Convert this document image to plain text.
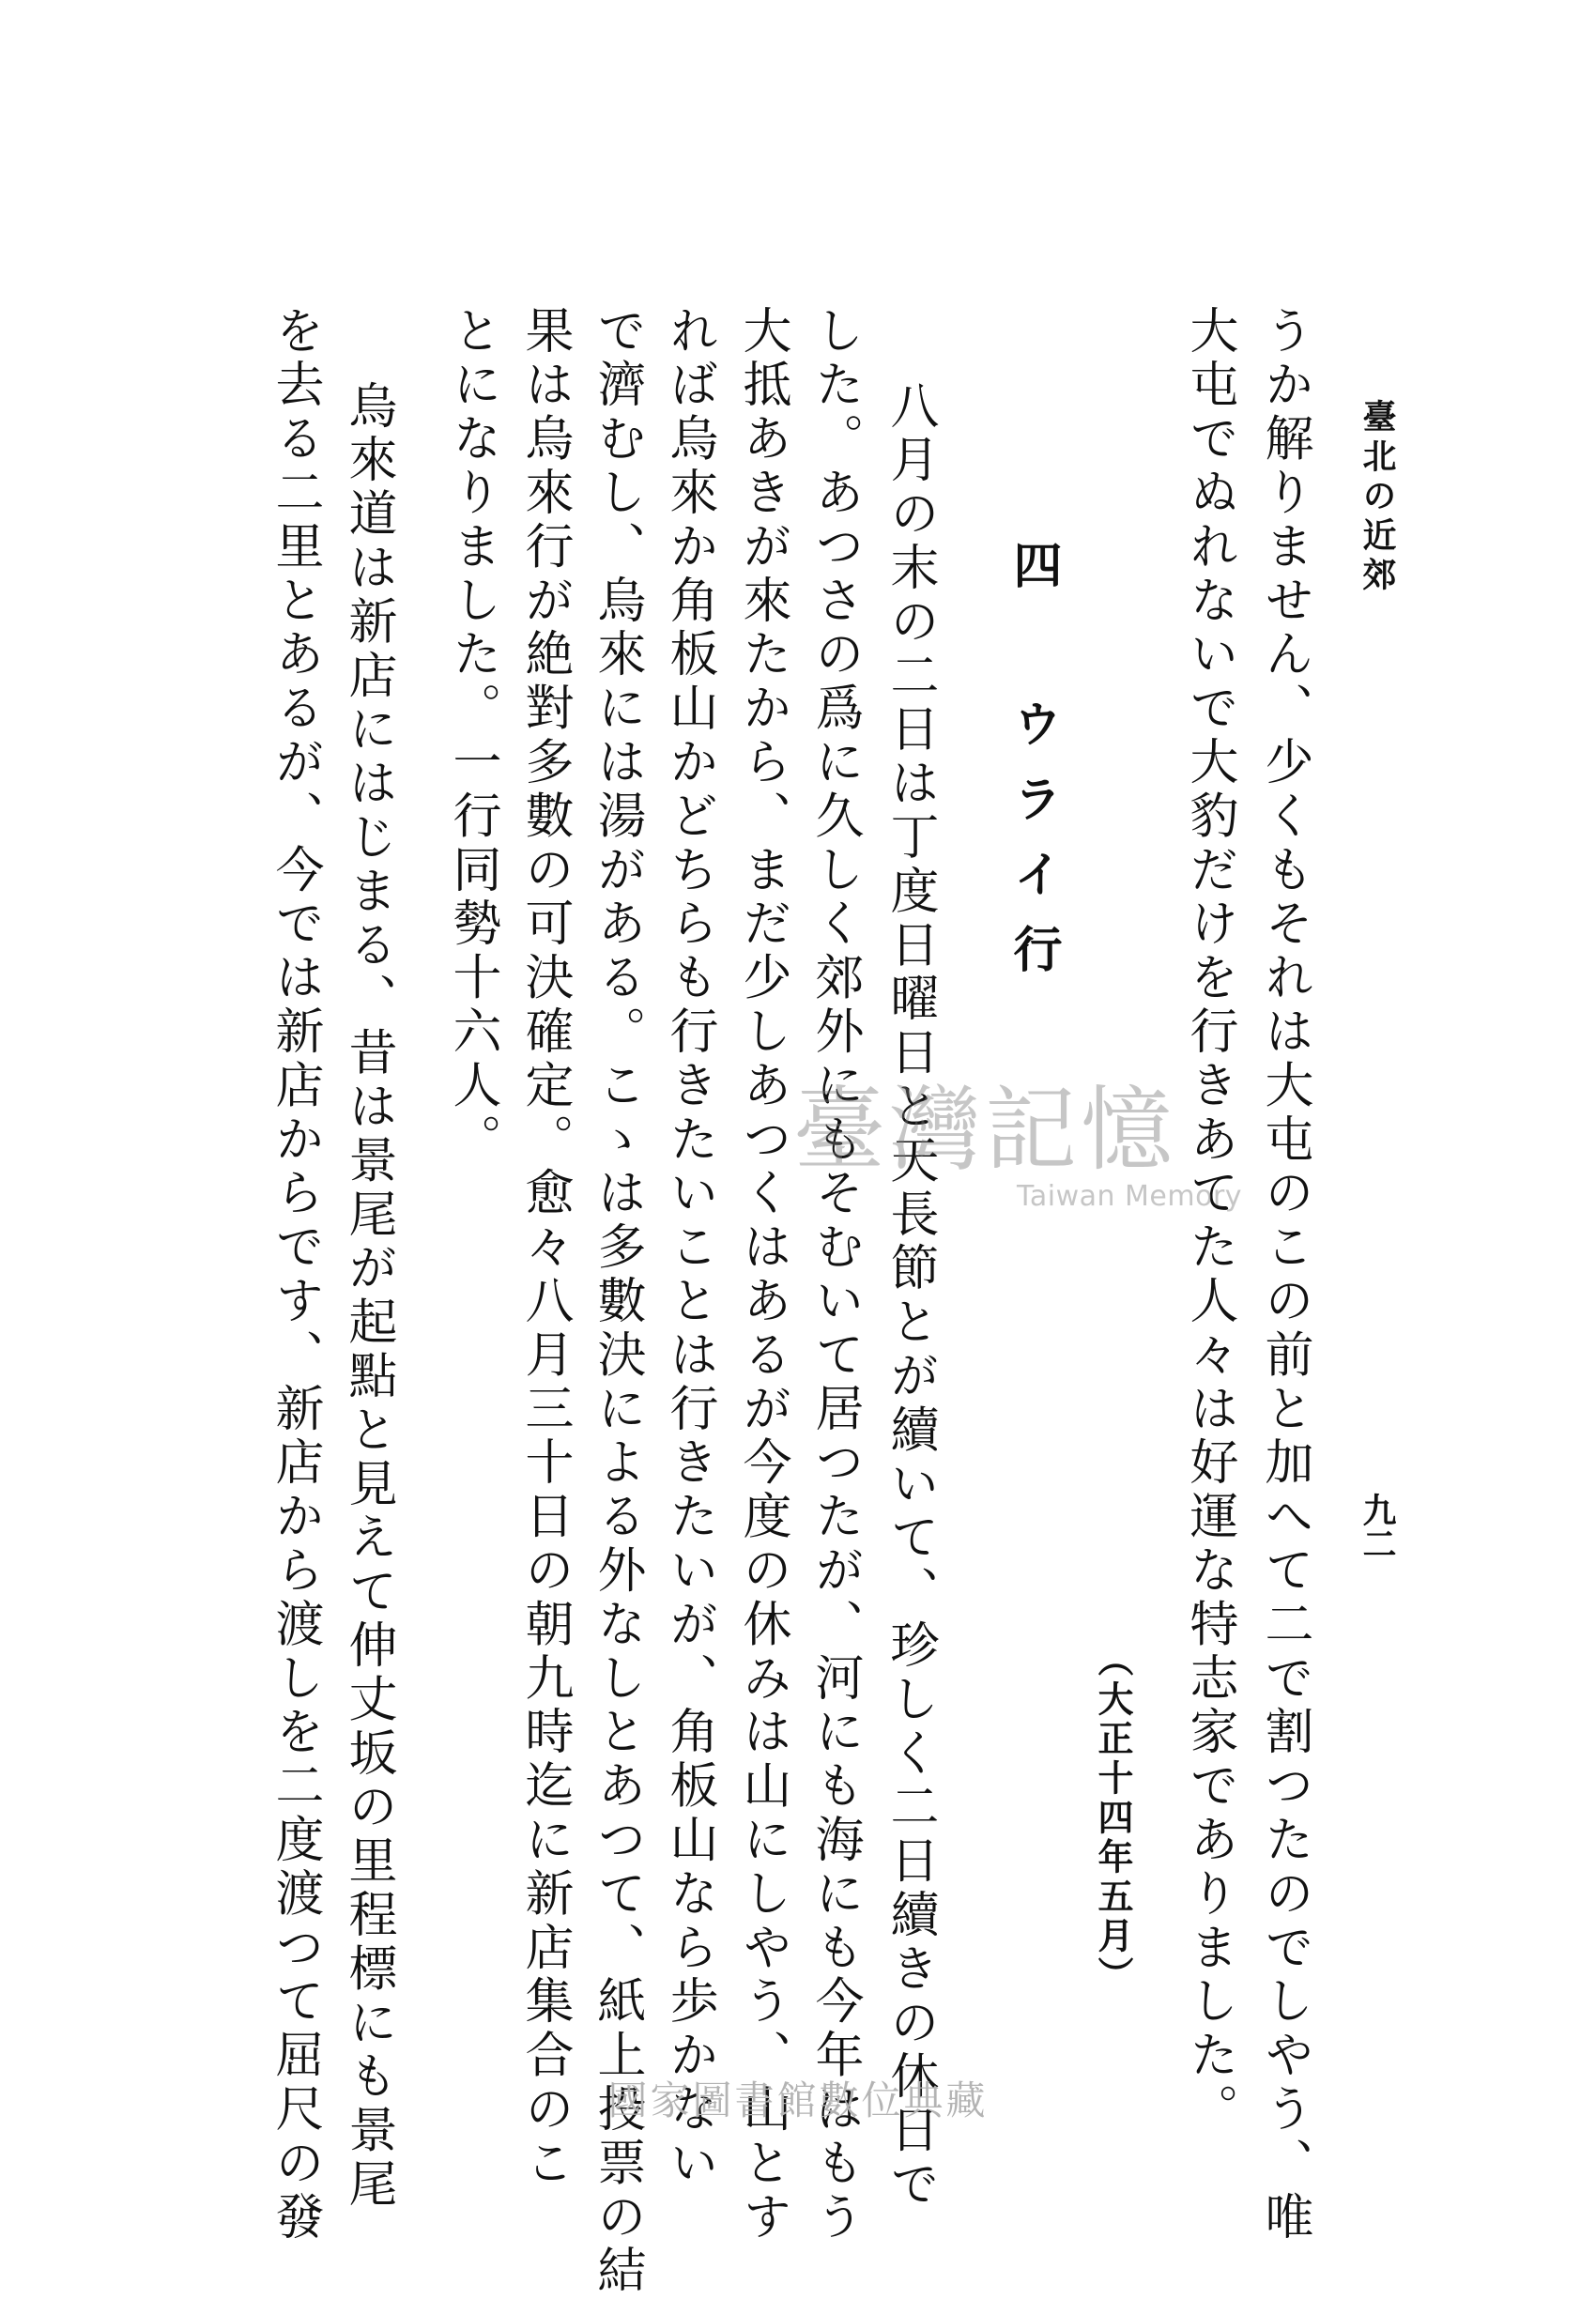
臺北の近郊
九二
うか解りません、少くもそれは大屯のこの前と加へて二で割つたのでしやう、唯
大屯でぬれないで大豹だけを行きあてた人々は好運な特志家でありました。
（大正十四年五月）
四 ウライ行
八月の末の二日は丁度日曜日と天長節とが續いて、珍しく二日續きの休日で
した。あつさの爲に久しく郊外にもそむいて居つたが、河にも海にも今年はもう
大抵あきが來たから、まだ少しあつくはあるが今度の休みは山にしやう、山とす
れば烏來か角板山かどちらも行きたいことは行きたいが、角板山なら歩かない
で濟むし、烏來には湯がある。こゝは多數決による外なしとあつて、紙上投票の結
果は烏來行が絶對多數の可決確定。愈々八月三十日の朝九時迄に新店集合のこ
とになりました。一行同勢十六人。
烏來道は新店にはじまる、昔は景尾が起點と見えて伸丈坂の里程標にも景尾
を去る二里とあるが、今では新店からです、新店から渡しを二度渡つて屈尺の發	臺灣記憶
Taiwan Memory
國家圖書館數位典藏
